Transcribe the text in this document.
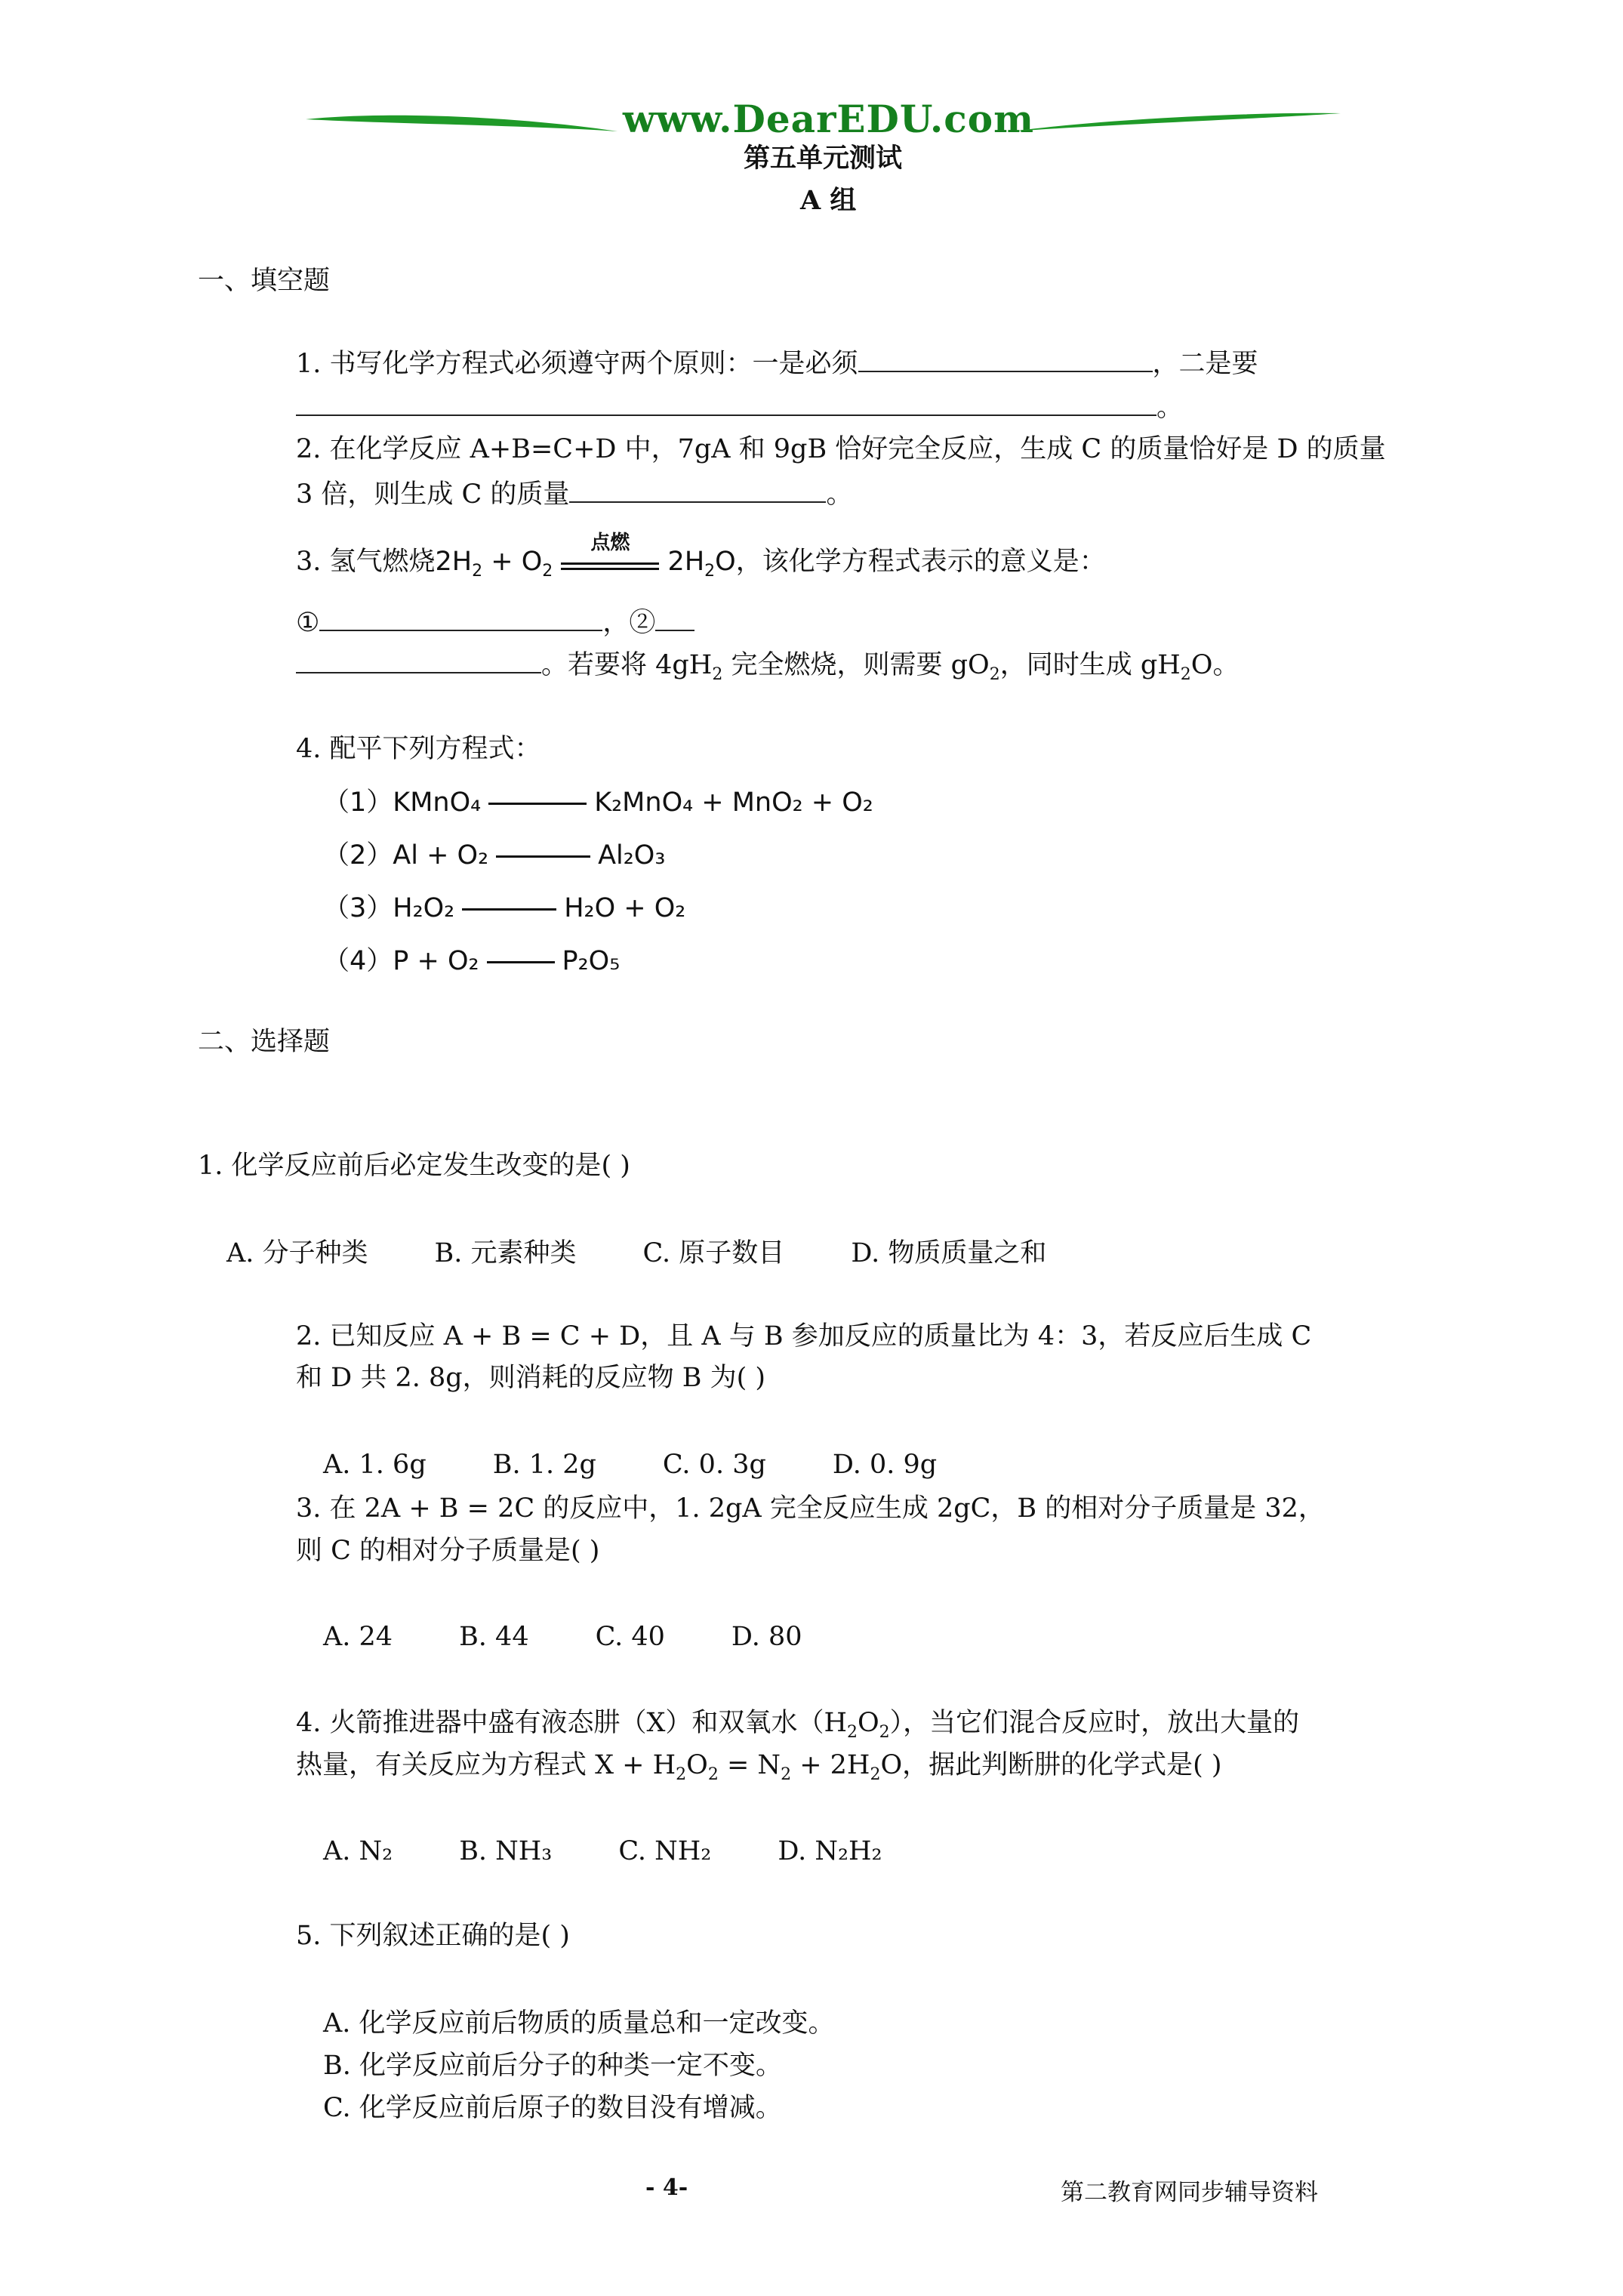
www.DearEDU.com
第五单元测试
A 组
一、填空题
1. 书写化学方程式必须遵守两个原则：一是必须	，二是要
。
2. 在化学反应 A+B=C+D 中，7gA 和 9gB 恰好完全反应，生成 C 的质量恰好是 D 的质量
3 倍，则生成 C 的质量	。
3. 氢气燃烧$2H_2 + O_2$
点燃
$2H_2O$，该化学方程式表示的意义是：
①	，②
。若要将 $4gH_2$ 完全燃烧，则需要 $gO_2$，同时生成 $gH_2O$。
4. 配平下列方程式：
（1）KMnO₄	K₂MnO₄ + MnO₂ + O₂
（2）Al + O₂	Al₂O₃
（3）H₂O₂	H₂O + O₂
（4）P + O₂	P₂O₅
二、选择题
1. 化学反应前后必定发生改变的是( )
A. 分子种类	B. 元素种类	C. 原子数目	D. 物质质量之和
2. 已知反应 A + B = C + D，且 A 与 B 参加反应的质量比为 4：3，若反应后生成 C
和 D 共 2. 8g，则消耗的反应物 B 为( )
A. 1. 6g	B. 1. 2g	C. 0. 3g	D. 0. 9g
3. 在 2A + B = 2C 的反应中，1. 2gA 完全反应生成 2gC，B 的相对分子质量是 32，
则 C 的相对分子质量是( )
A. 24	B. 44	C. 40	D. 80
4. 火箭推进器中盛有液态肼（X）和双氧水$(H_2O_2)$，当它们混合反应时，放出大量的
热量，有关反应为方程式 $X + H_2O_2 = N_2 + 2H_2O$，据此判断肼的化学式是( )
A. N₂	B. NH₃	C. NH₂	D. N₂H₂
5. 下列叙述正确的是( )
A. 化学反应前后物质的质量总和一定改变。
B. 化学反应前后分子的种类一定不变。
C. 化学反应前后原子的数目没有增减。
- 4-	第二教育网同步辅导资料
